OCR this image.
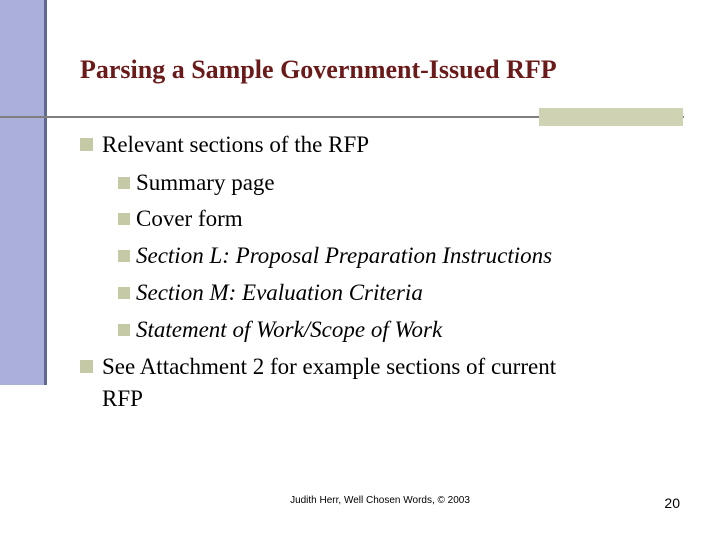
Parsing a Sample Government-Issued RFP
Relevant sections of the RFP
Summary page
Cover form
Section L: Proposal Preparation Instructions
Section M: Evaluation Criteria
Statement of Work/Scope of Work
See Attachment 2 for example sections of current
RFP
Judith Herr, Well Chosen Words, © 2003	20
